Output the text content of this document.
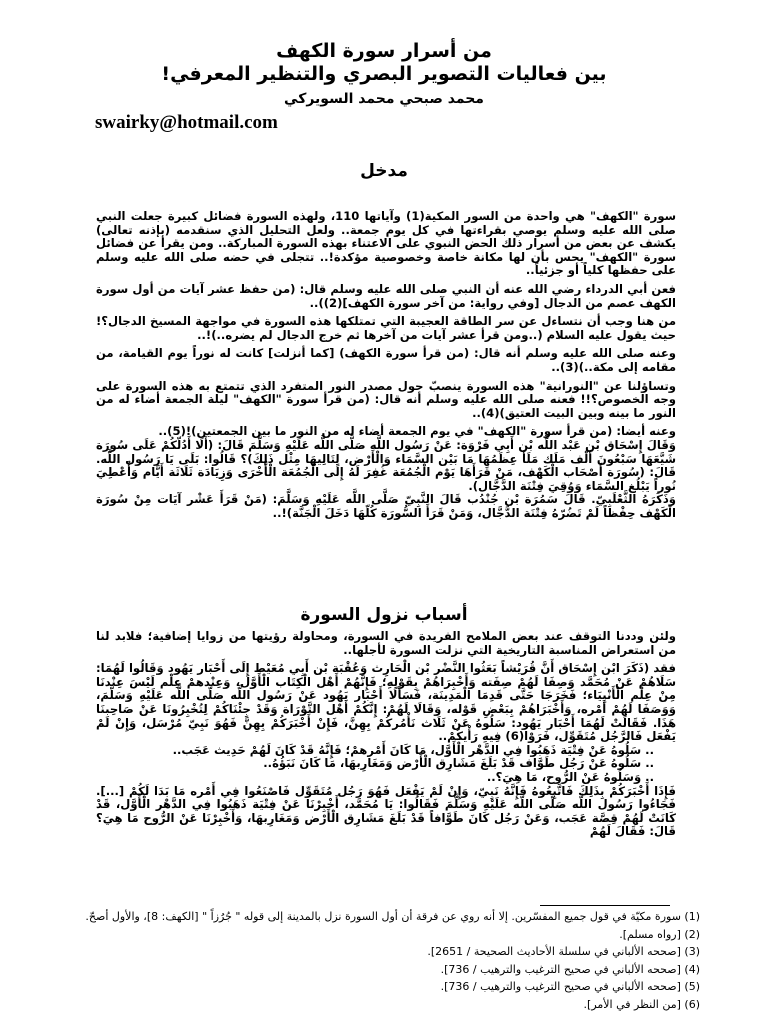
من أسرار سورة الكهف
بين فعاليات التصوير البصري والتنظير المعرفي!
محمد صبحي محمد السويركي
swairky@hotmail.com
مدخل

سورة "الكهف" هي واحدة من السور المكية(1) وآياتها 110، ولهذه السورة فضائل كبيرة جعلت النبي صلى الله عليه وسلم يوصي بقراءتها في كل يوم جمعة.. ولعل التحليل الذي سنقدمه (بإذنه تعالى) يكشف عن بعض من أسرار ذلك الحض النبوي على الاعتناء بهذه السورة المباركة.. ومن يقرأ عن فضائل سورة "الكهف" يحس بأن لها مكانة خاصة وخصوصية مؤكدة!.. تتجلى في حضه صلى الله عليه وسلم على حفظها كلياً أو جزئياً..

فعن أبي الدرداء رضي الله عنه أن النبي صلى الله عليه وسلم قال: (من حفظ عشر آيات من أول سورة الكهف عصم من الدجال [وفي رواية: من آخر سورة الكهف](2))..

من هنا وجب أن نتساءل عن سر الطاقة العجيبة التي تمتلكها هذه السورة في مواجهة المسيخ الدجال؟! حيث يقول عليه السلام (..ومن قرأ عشر آيات من آخرها ثم خرج الدجال لم يضره..)!..

وعنه صلى الله عليه وسلم أنه قال: (من قرأ سورة الكهف) [كما أنزلت] كانت له نوراً يوم القيامة، من مقامه إلى مكة..)(3)..

وتساؤلنا عن "النورانية" هذه السورة ينصبّ حول مصدر النور المتفرد الذي تتمتع به هذه السورة على وجه الخصوص؟!! فعنه صلى الله عليه وسلم أنه قال: (من قرأ سورة "الكهف" ليلة الجمعة أضاء له من النور ما بينه وبين البيت العتيق)(4)..

وعنه أيضا: (من قرأ سورة "الكهف" في يوم الجمعة أضاء له من النور ما بين الجمعتين)!(5)..

وَقَالَ إِسْحَاق بْن عَبْد اللَّه بْن أَبِي فَرْوَة: عَنْ رَسُول اللَّه صَلَّى اللَّه عَلَيْهِ وَسَلَّمَ قَالَ: (أَلَا أَدُلّكُمْ عَلَى سُورَة شَيَّعَهَا سَبْعُونَ أَلْف مَلَك مَلَأَ عِظَمُهَا مَا بَيْن السَّمَاء وَالْأَرْض، لِتَالِيهَا مِثْل ذَلِكَ)؟ قَالُوا: بَلَى يَا رَسُول اللَّه. قَالَ: (سُورَة أَصْحَاب الْكَهْف، مَنْ قَرَأَهَا يَوْم الْجُمُعَة غُفِرَ لَهُ إِلَى الْجُمُعَة الْأُخْرَى وَزِيَادَة ثَلَاثَة أَيَّام وَأُعْطِيَ نُوراً يَبْلُغ السَّمَاء وَوُقِيَ فِتْنَة الدَّجَّال).

وَذَكَرَهُ الثَّعْلَبِيّ. قَالَ سَمُرَة بْن جُنْدُب قَالَ النَّبِيّ صَلَّى اللَّه عَلَيْهِ وَسَلَّمَ: (مَنْ قَرَأَ عَشْر آيَات مِنْ سُورَة الْكَهْف حِفْظاً لَمْ تَضُرّهُ فِتْنَة الدَّجَّال، وَمَنْ قَرَأَ السُّورَة كُلّهَا دَخَلَ الْجَنَّة)!..

أسباب نزول السورة

ولئن وددنا التوقف عند بعض الملامح الفريدة في السورة، ومحاولة رؤيتها من زوايا إضافية؛ فلابد لنا من استعراض المناسبة التاريخية التي نزلت السورة لأجلها..

فقد (ذَكَرَ ابْن إِسْحَاق أَنَّ قُرَيْشاً بَعَثُوا النَّضْر بْن الْحَارِث وَعُقْبَة بْن أَبِي مُعَيْط إِلَى أَحْبَار يَهُود وَقَالُوا لَهُمَا: سَلَاهُمْ عَنْ مُحَمَّد وَصِفَا لَهُمْ صِفَته وَأَخْبِرَاهُمْ بِقَوْلِهِ؛ فَإِنَّهُمْ أَهْل الْكِتَاب الْأَوَّل، وَعِنْدهمْ عِلْم لَيْسَ عِنْدنَا مِنْ عِلْم الْأَنْبِيَاء؛ فَخَرَجَا حَتَّى قَدِمَا الْمَدِينَة، فَسَأَلَا أَحْبَار يَهُود عَنْ رَسُول اللَّه صَلَّى اللَّه عَلَيْهِ وَسَلَّمَ، وَوَصَفَا لَهُمْ أَمْره، وَأَخْبَرَاهُمْ بِبَعْضِ قَوْله، وَقَالَا لَهُمْ: إِنَّكُمْ أَهْل التَّوْرَاة وَقَدْ جِئْنَاكُمْ لِتُخْبِرُونَا عَنْ صَاحِبنَا هَذَا. فَقَالَتْ لَهُمَا أَحْبَار يَهُود: سَلُوهُ عَنْ ثَلَاث نَأْمُركُمْ بِهِنَّ، فَإِنْ أَخْبَرَكُمْ بِهِنَّ فَهُوَ نَبِيّ مُرْسَل، وَإِنْ لَمْ يَفْعَل فَالرَّجُل مُتَقَوِّل، فَرَوْا(6) فِيهِ رَأْيكُمْ..

.. سَلُوهُ عَنْ فِتْيَة ذَهَبُوا فِي الدَّهْر الْأَوَّل، مَا كَانَ أَمْرهمْ؛ فَإِنَّهُ قَدْ كَانَ لَهُمْ حَدِيث عَجَب..

.. سَلُوهُ عَنْ رَجُل طَوَّاف قَدْ بَلَغَ مَشَارِق الْأَرْض وَمَغَارِبهَا، مَا كَانَ نَبَؤُهُ..

.. وَسَلُوهُ عَنْ الرُّوح، مَا هِيَ؟..

فَإِذَا أَخْبَرَكُمْ بِذَلِكَ فَاتَّبِعُوهُ فَإِنَّهُ نَبِيّ، وَإِنْ لَمْ يَفْعَل فَهُوَ رَجُل مُتَقَوِّل فَاصْنَعُوا فِي أَمْره مَا بَدَا لَكُمْ [...]. فَجَاءُوا رَسُول اللَّه صَلَّى اللَّه عَلَيْهِ وَسَلَّمَ فَقَالُوا: يَا مُحَمَّد، أَخْبِرْنَا عَنْ فِتْيَة ذَهَبُوا فِي الدَّهْر الْأَوَّل، قَدْ كَانَتْ لَهُمْ قِصَّة عَجَب، وَعَنْ رَجُل كَانَ طَوَّافاً قَدْ بَلَغَ مَشَارِق الْأَرْض وَمَغَارِبهَا، وَأَخْبِرْنَا عَنْ الرُّوح مَا هِيَ؟ قَالَ: فَقَالَ لَهُمْ

(1) سورة مكيّة في قول جميع المفسّرين. إلا أنه روي عن فرقة أن أول السورة نزل بالمدينة إلى قوله " جُرُزاً " [الكهف: 8]، والأول أصحّ.
(2) [رواه مسلم].
(3) [صححه الألباني في سلسلة الأحاديث الصحيحة / 2651].
(4) [صححه الألباني في صحيح الترغيب والترهيب / 736].
(5) [صححه الألباني في صحيح الترغيب والترهيب / 736].
(6) [من النظر في الأمر].
